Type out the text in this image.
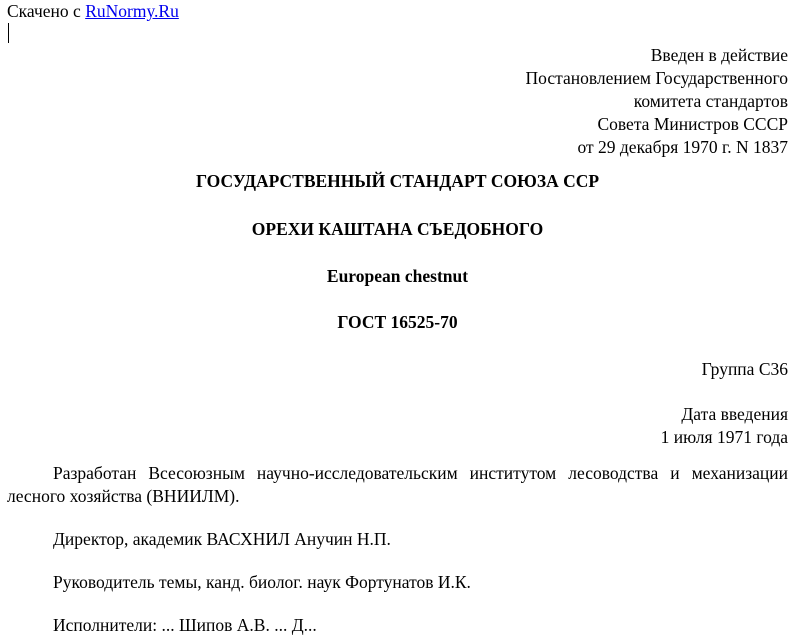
Скачено с RuNormy.Ru

Введен в действие
Постановлением Государственного
комитета стандартов
Совета Министров СССР
от 29 декабря 1970 г. N 1837

ГОСУДАРСТВЕННЫЙ СТАНДАРТ СОЮЗА ССР

ОРЕХИ КАШТАНА СЪЕДОБНОГО

European chestnut

ГОСТ 16525-70

Группа С36

Дата введения

1 июля 1971 года

Разработан Всесоюзным научно-исследовательским институтом лесоводства и механизации лесного хозяйства (ВНИИЛМ).

Директор, академик ВАСХНИЛ Анучин Н.П.

Руководитель темы, канд. биолог. наук Фортунатов И.К.

Исполнители: ... Шипов А.В. ... Д...
